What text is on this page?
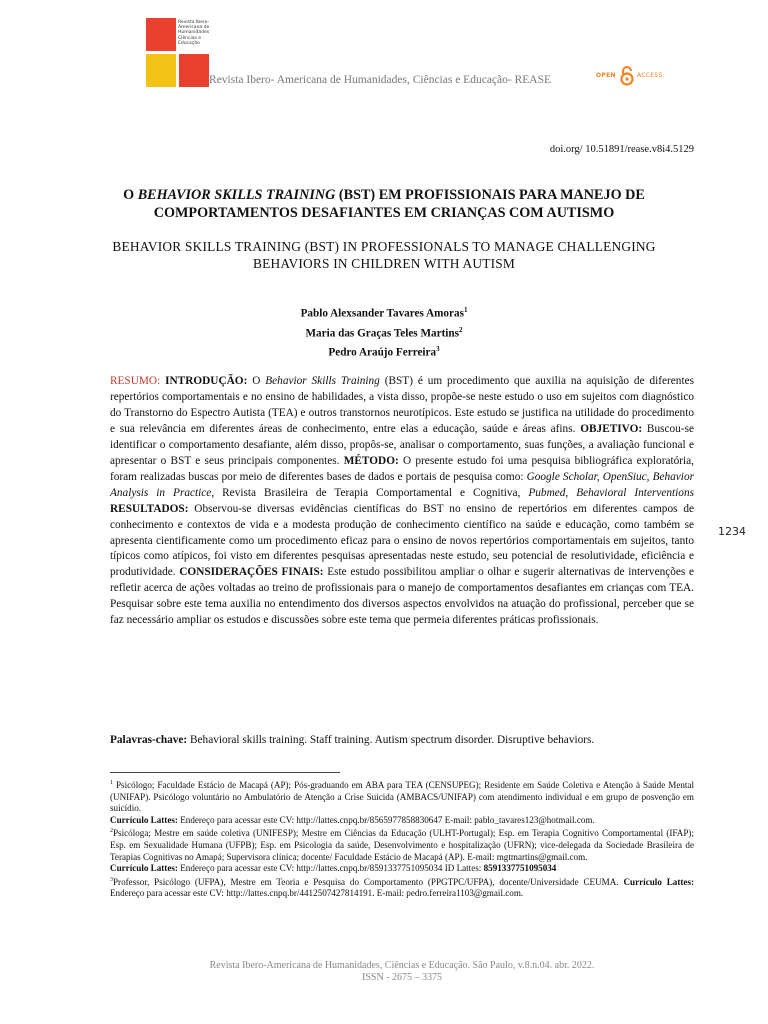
Revista Ibero- Americana de Humanidades Ciências e Educação
Revista Ibero- Americana de Humanidades, Ciências e Educação- REASE	OPEN	ACCESS
doi.org/ 10.51891/rease.v8i4.5129
O BEHAVIOR SKILLS TRAINING (BST) EM PROFISSIONAIS PARA MANEJO DE COMPORTAMENTOS DESAFIANTES EM CRIANÇAS COM AUTISMO
BEHAVIOR SKILLS TRAINING (BST) IN PROFESSIONALS TO MANAGE CHALLENGING BEHAVIORS IN CHILDREN WITH AUTISM
Pablo Alexsander Tavares Amoras$^1$
Maria das Graças Teles Martins$^2$
Pedro Araújo Ferreira$^3$
RESUMO: INTRODUÇÃO: O Behavior Skills Training (BST) é um procedimento que auxilia na aquisição de diferentes repertórios comportamentais e no ensino de habilidades, a vista disso, propõe-se neste estudo o uso em sujeitos com diagnóstico do Transtorno do Espectro Autista (TEA) e outros transtornos neurotípicos. Este estudo se justifica na utilidade do procedimento e sua relevância em diferentes áreas de conhecimento, entre elas a educação, saúde e áreas afins. OBJETIVO: Buscou-se identificar o comportamento desafiante, além disso, propôs-se, analisar o comportamento, suas funções, a avaliação funcional e apresentar o BST e seus principais componentes. MÉTODO: O presente estudo foi uma pesquisa bibliográfica exploratória, foram realizadas buscas por meio de diferentes bases de dados e portais de pesquisa como: Google Scholar, OpenSiuc, Behavior Analysis in Practice, Revista Brasileira de Terapia Comportamental e Cognitiva, Pubmed, Behavioral Interventions RESULTADOS: Observou-se diversas evidências científicas do BST no ensino de repertórios em diferentes campos de conhecimento e contextos de vida e a modesta produção de conhecimento científico na saúde e educação, como também se apresenta cientificamente como um procedimento eficaz para o ensino de novos repertórios comportamentais em sujeitos, tanto típicos como atípicos, foi visto em diferentes pesquisas apresentadas neste estudo, seu potencial de resolutividade, eficiência e produtividade. CONSIDERAÇÕES FINAIS: Este estudo possibilitou ampliar o olhar e sugerir alternativas de intervenções e refletir acerca de ações voltadas ao treino de profissionais para o manejo de comportamentos desafiantes em crianças com TEA. Pesquisar sobre este tema auxilia no entendimento dos diversos aspectos envolvidos na atuação do profissional, perceber que se faz necessário ampliar os estudos e discussões sobre este tema que permeia diferentes práticas profissionais.
Palavras-chave: Behavioral skills training. Staff training. Autism spectrum disorder. Disruptive behaviors.
1234

$^1$ Psicólogo; Faculdade Estácio de Macapá (AP); Pós-graduando em ABA para TEA (CENSUPEG); Residente em Saúde Coletiva e Atenção à Saúde Mental (UNIFAP). Psicólogo voluntário no Ambulatório de Atenção a Crise Suicida (AMBACS/UNIFAP) com atendimento individual e em grupo de posvenção em suicídio.

Currículo Lattes: Endereço para acessar este CV: http://lattes.cnpq.br/8565977858830647 E-mail: pablo_tavares123@hotmail.com.

$^2$Psicóloga; Mestre em saúde coletiva (UNIFESP); Mestre em Ciências da Educação (ULHT-Portugal); Esp. em Terapia Cognitivo Comportamental (IFAP); Esp. em Sexualidade Humana (UFPB); Esp. em Psicologia da saúde, Desenvolvimento e hospitalização (UFRN); vice-delegada da Sociedade Brasileira de Terapias Cognitivas no Amapá; Supervisora clínica; docente/ Faculdade Estácio de Macapá (AP). E-mail: mgtmartins@gmail.com.

Currículo Lattes: Endereço para acessar este CV: http://lattes.cnpq.br/8591337751095034 ID Lattes: 8591337751095034

$^3$Professor, Psicólogo (UFPA), Mestre em Teoria e Pesquisa do Comportamento (PPGTPC/UFPA), docente/Universidade CEUMA. Currículo Lattes: Endereço para acessar este CV: http://lattes.cnpq.br/4412507427814191. E-mail: pedro.ferreira1103@gmail.com.

Revista Ibero-Americana de Humanidades, Ciências e Educação. São Paulo, v.8.n.04. abr. 2022.
ISSN - 2675 – 3375
